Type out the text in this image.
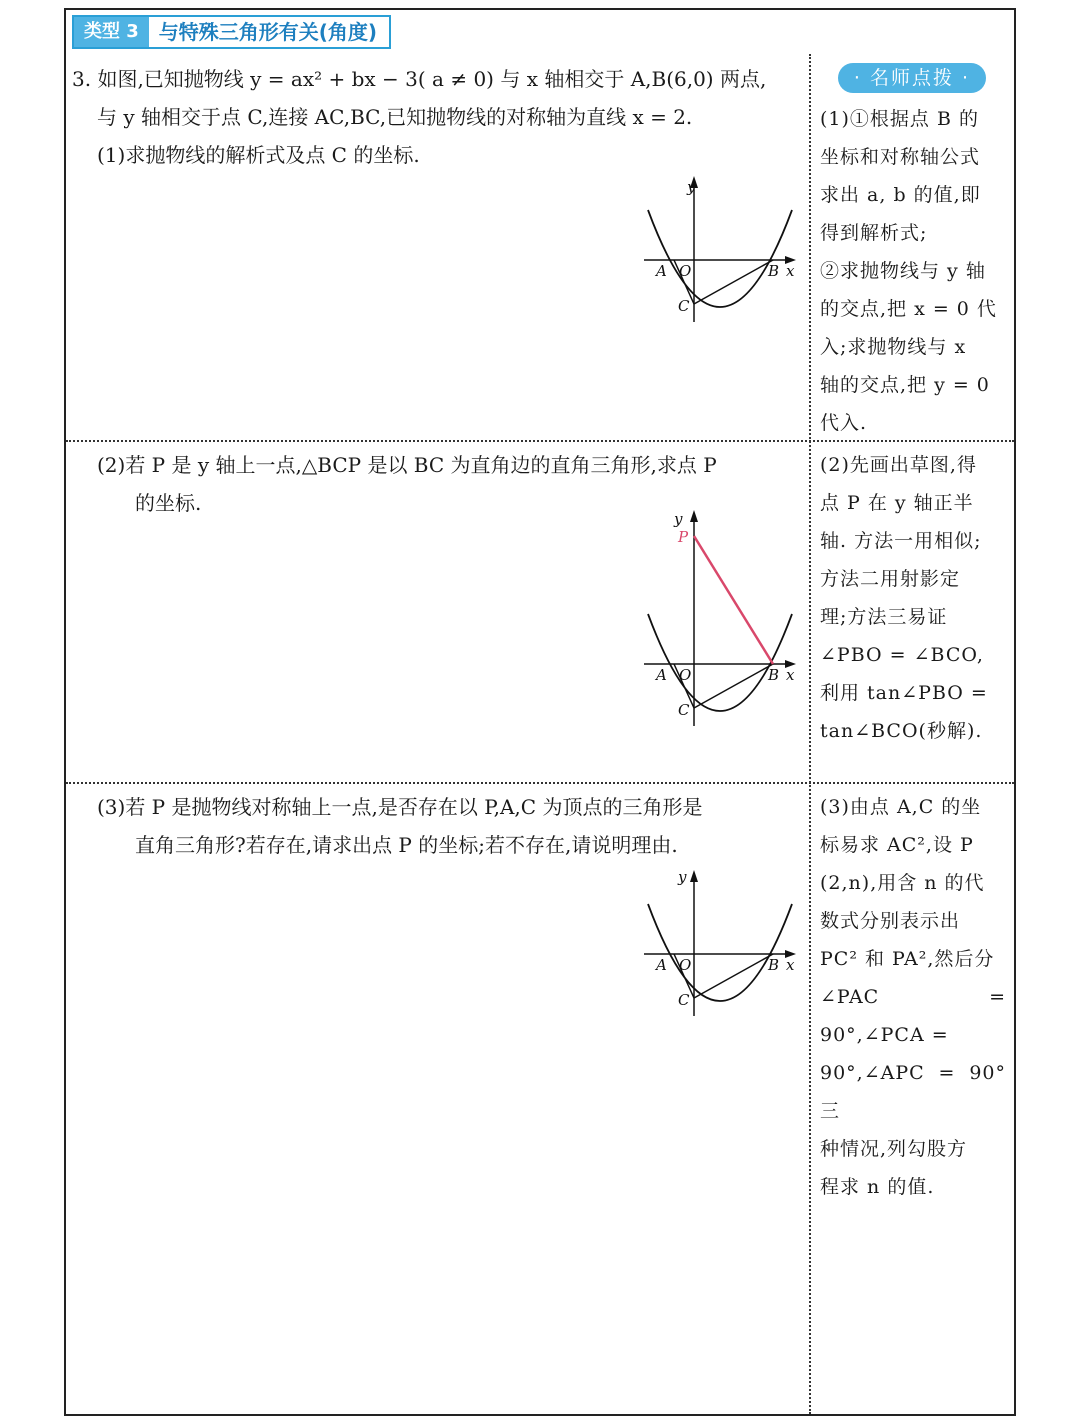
类型 3	与特殊三角形有关(角度)
3. 如图,已知抛物线 y = ax² + bx − 3( a ≠ 0) 与 x 轴相交于 A,B(6,0) 两点,
与 y 轴相交于点 C,连接 AC,BC,已知抛物线的对称轴为直线 x = 2.
(1)求抛物线的解析式及点 C 的坐标.
(2)若 P 是 y 轴上一点,△BCP 是以 BC 为直角边的直角三角形,求点 P
的坐标.
(3)若 P 是抛物线对称轴上一点,是否存在以 P,A,C 为顶点的三角形是
直角三角形?若存在,请求出点 P 的坐标;若不存在,请说明理由.
· 名师点拨 ·
(1)①根据点 B 的
坐标和对称轴公式
求出 a, b 的值,即
得到解析式;
②求抛物线与 y 轴
的交点,把 x = 0 代
入;求抛物线与 x
轴的交点,把 y = 0
代入.
(2)先画出草图,得
点 P 在 y 轴正半
轴. 方法一用相似;
方法二用射影定
理;方法三易证
∠PBO = ∠BCO,
利用 tan∠PBO =
tan∠BCO(秒解).
(3)由点 A,C 的坐
标易求 AC²,设 P
(2,n),用含 n 的代
数式分别表示出
PC² 和 PA²,然后分
∠PAC = 90°,∠PCA =
90°,∠APC = 90°三
种情况,列勾股方
程求 n 的值.
y
x
A O	B
C
y
P
x
A O	B
C
y
x
A O	B
C
